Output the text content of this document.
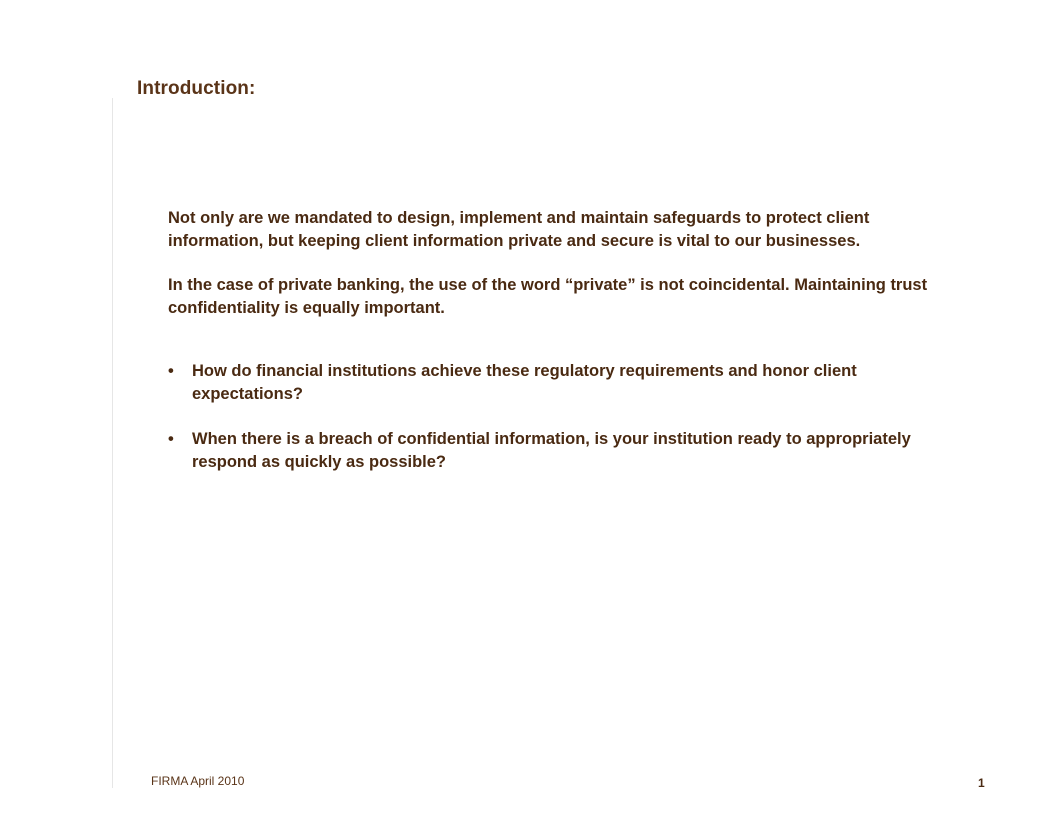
Introduction:

Not only are we mandated to design, implement and maintain safeguards to protect client information, but keeping client information private and secure is vital to our businesses.

In the case of private banking, the use of the word “private” is not coincidental. Maintaining trust confidentiality is equally important.

• How do financial institutions achieve these regulatory requirements and honor client expectations?
• When there is a breach of confidential information, is your institution ready to appropriately respond as quickly as possible?
FIRMA April 2010	1
